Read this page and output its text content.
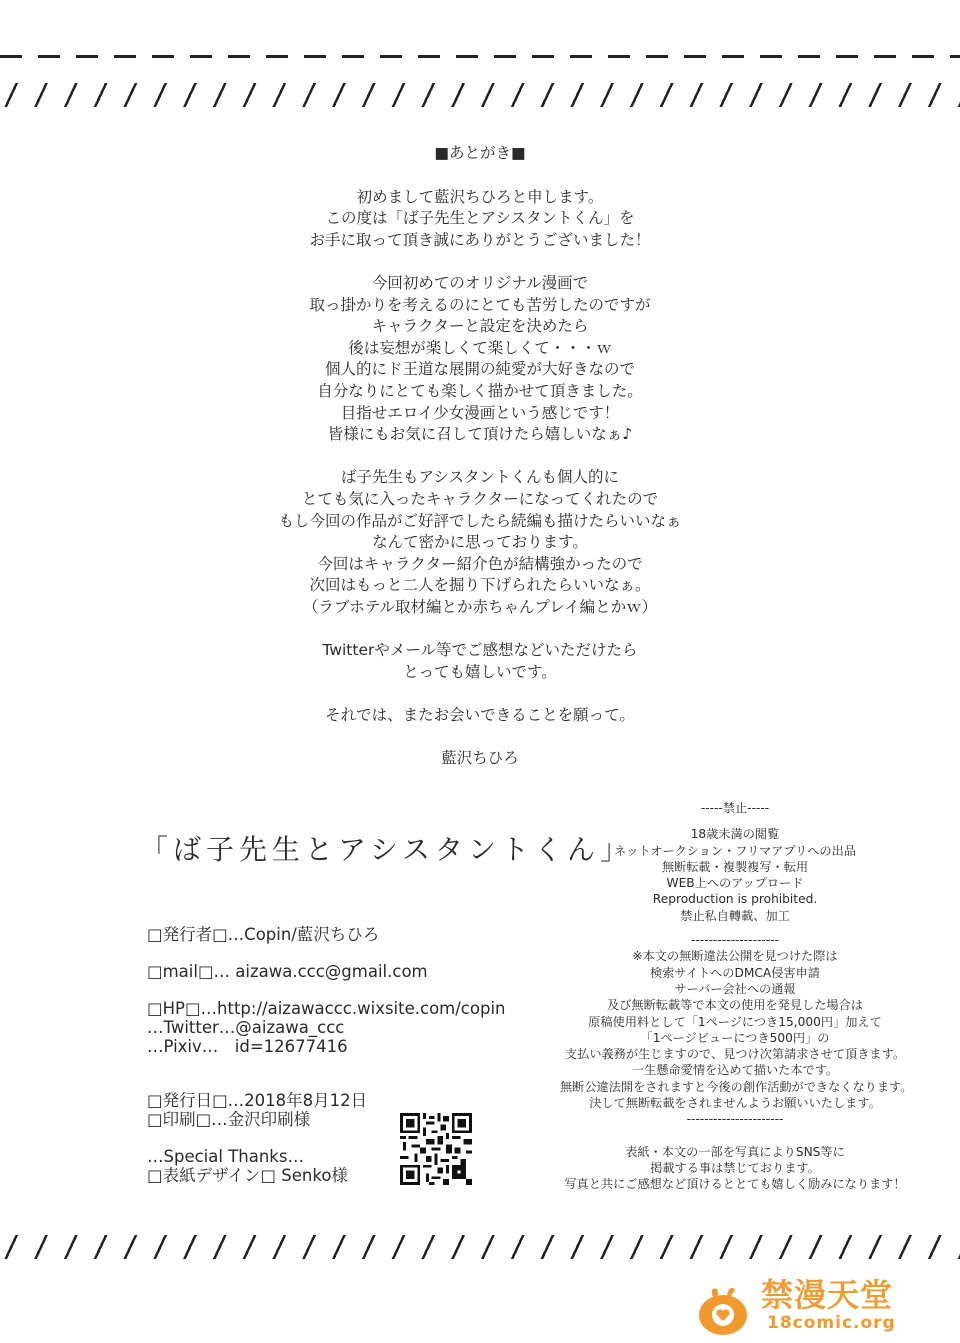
■あとがき■
初めまして藍沢ちひろと申します。
この度は「ば子先生とアシスタントくん」を
お手に取って頂き誠にありがとうございました！
今回初めてのオリジナル漫画で
取っ掛かりを考えるのにとても苦労したのですが
キャラクターと設定を決めたら
後は妄想が楽しくて楽しくて・・・ｗ
個人的にド王道な展開の純愛が大好きなので
自分なりにとても楽しく描かせて頂きました。
目指せエロイ少女漫画という感じです！
皆様にもお気に召して頂けたら嬉しいなぁ♪
ば子先生もアシスタントくんも個人的に
とても気に入ったキャラクターになってくれたので
もし今回の作品がご好評でしたら続編も描けたらいいなぁ
なんて密かに思っております。
今回はキャラクター紹介色が結構強かったので
次回はもっと二人を掘り下げられたらいいなぁ。
（ラブホテル取材編とか赤ちゃんプレイ編とかｗ）
Twitterやメール等でご感想などいただけたら
とっても嬉しいです。
それでは、またお会いできることを願って。
藍沢ちひろ
「ば子先生とアシスタントくん」
□発行者□…Copin/藍沢ちひろ
□mail□… aizawa.ccc@gmail.com
□HP□…http://aizawaccc.wixsite.com/copin
…Twitter…@aizawa_ccc
…Pixiv…　id=12677416
□発行日□…2018年8月12日
□印刷□…金沢印刷様
…Special Thanks…
□表紙デザイン□ Senko様
-----禁止-----
18歳未満の閲覧
ネットオークション・フリマアプリへの出品
無断転載・複製複写・転用
WEB上へのアップロード
Reproduction is prohibited.
禁止私自轉載、加工
--------------------
※本文の無断違法公開を見つけた際は
検索サイトへのDMCA侵害申請
サーバー会社への通報
及び無断転載等で本文の使用を発見した場合は
原稿使用料として「1ページにつき15,000円」加えて
「1ページビューにつき500円」の
支払い義務が生じますので、見つけ次第請求させて頂きます。
一生懸命愛情を込めて描いた本です。
無断公違法開をされますと今後の創作活動ができなくなります。
決して無断転載をされませんようお願いいたします。
----------------------
表紙・本文の一部を写真によりSNS等に
掲載する事は禁じております。
写真と共にご感想など頂けるととても嬉しく励みになります！
禁漫天堂
18comic.org
